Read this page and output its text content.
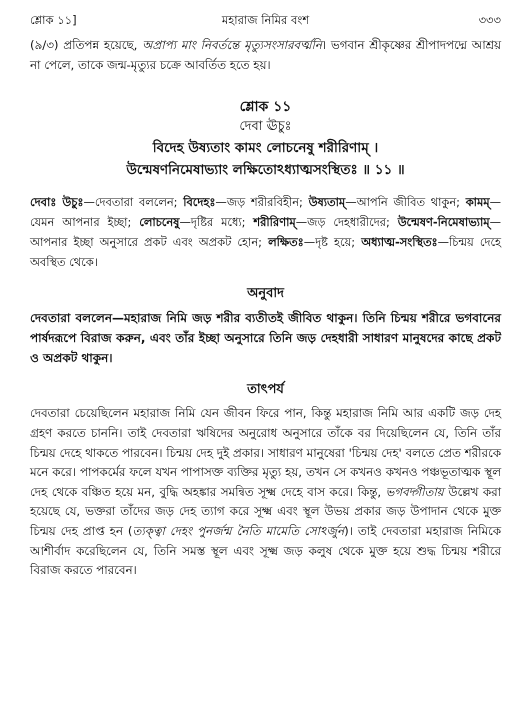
শ্লোক ১১]	মহারাজ নিমির বংশ	৩৩৩

(৯/৩) প্রতিপন্ন হয়েছে, অপ্রাপ্য মাং নিবর্তন্তে মৃত্যুসংসারবর্ত্মনি। ভগবান শ্রীকৃষ্ণের শ্রীপাদপদ্মে আশ্রয় না পেলে, তাকে জন্ম-মৃত্যুর চক্রে আবর্তিত হতে হয়।

শ্লোক ১১
দেবা ঊচুঃ
বিদেহ উষ্যতাং কামং লোচনেষু শরীরিণাম্ ।
উন্মেষণনিমেষাভ্যাং লক্ষিতোঽধ্যাত্মসংস্থিতঃ ॥ ১১ ॥

দেবাঃ উচুঃ—দেবতারা বললেন; বিদেহঃ—জড় শরীরবিহীন; উষ্যতাম্—আপনি জীবিত থাকুন; কামম্—যেমন আপনার ইচ্ছা; লোচনেষু—দৃষ্টির মধ্যে; শরীরিণাম্—জড় দেহধারীদের; উন্মেষণ-নিমেষাভ্যাম্—আপনার ইচ্ছা অনুসারে প্রকট এবং অপ্রকট হোন; লক্ষিতঃ—দৃষ্ট হয়ে; অধ্যাত্ম-সংস্থিতঃ—চিন্ময় দেহে অবস্থিত থেকে।

অনুবাদ

দেবতারা বললেন—মহারাজ নিমি জড় শরীর ব্যতীতই জীবিত থাকুন। তিনি চিন্ময় শরীরে ভগবানের পার্ষদরূপে বিরাজ করুন, এবং তাঁর ইচ্ছা অনুসারে তিনি জড় দেহধারী সাধারণ মানুষদের কাছে প্রকট ও অপ্রকট থাকুন।

তাৎপর্য

দেবতারা চেয়েছিলেন মহারাজ নিমি যেন জীবন ফিরে পান, কিন্তু মহারাজ নিমি আর একটি জড় দেহ গ্রহণ করতে চাননি। তাই দেবতারা ঋষিদের অনুরোধ অনুসারে তাঁকে বর দিয়েছিলেন যে, তিনি তাঁর চিন্ময় দেহে থাকতে পারবেন। চিন্ময় দেহ দুই প্রকার। সাধারণ মানুষেরা 'চিন্ময় দেহ' বলতে প্রেত শরীরকে মনে করে। পাপকর্মের ফলে যখন পাপাসক্ত ব্যক্তির মৃত্যু হয়, তখন সে কখনও কখনও পঞ্চভূতাত্মক স্থূল দেহ থেকে বঞ্চিত হয়ে মন, বুদ্ধি অহঙ্কার সমন্বিত সূক্ষ্ম দেহে বাস করে। কিন্তু, ভগবদ্গীতায় উল্লেখ করা হয়েছে যে, ভক্তরা তাঁদের জড় দেহ ত্যাগ করে সূক্ষ্ম এবং স্থূল উভয় প্রকার জড় উপাদান থেকে মুক্ত চিন্ময় দেহ প্রাপ্ত হন (ত্যক্ত্বা দেহং পুনর্জন্ম নৈতি মামেতি সোঽর্জুন)। তাই দেবতারা মহারাজ নিমিকে আশীর্বাদ করেছিলেন যে, তিনি সমস্ত স্থূল এবং সূক্ষ্ম জড় কলুষ থেকে মুক্ত হয়ে শুদ্ধ চিন্ময় শরীরে বিরাজ করতে পারবেন।
